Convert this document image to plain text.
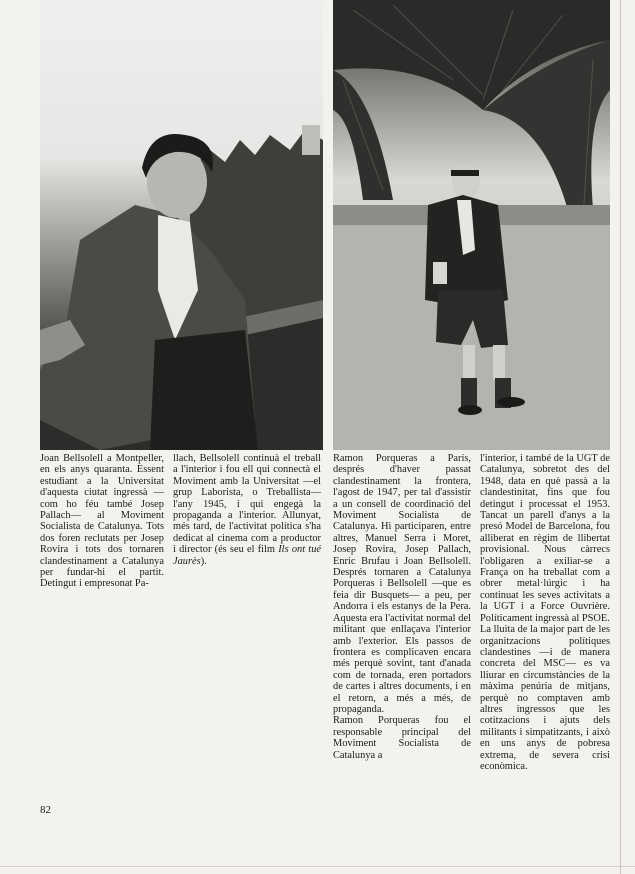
Joan Bellsolell a Montpeller, en els anys quaranta. Essent estudiant a la Universitat d'aquesta ciutat ingressà —com ho féu també Josep Pallach— al Moviment Socialista de Catalunya. Tots dos foren reclutats per Josep Rovira i tots dos tornaren clandestinament a Catalunya per fundar-hi el partit. Detingut i empresonat Pa-

llach, Bellsolell continuà el treball a l'interior i fou ell qui connectà el Moviment amb la Universitat —el grup Laborista, o Treballista— l'any 1945, i qui engegà la propaganda a l'interior. Allunyat, més tard, de l'activitat política s'ha dedicat al cinema com a productor i director (és seu el film Ils ont tué Jaurès).

Ramon Porqueras a París, després d'haver passat clandestinament la frontera, l'agost de 1947, per tal d'assistir a un consell de coordinació del Moviment Socialista de Catalunya. Hi participaren, entre altres, Manuel Serra i Moret, Josep Rovira, Josep Pallach, Enric Brufau i Joan Bellsolell. Després tornaren a Catalunya Porqueras i Bellsolell —que es feia dir Busquets— a peu, per Andorra i els estanys de la Pera. Aquesta era l'activitat normal del militant que enllaçava l'interior amb l'exterior. Els passos de frontera es complicaven encara més perquè sovint, tant d'anada com de tornada, eren portadors de cartes i altres documents, i en el retorn, a més a més, de propaganda.

Ramon Porqueras fou el responsable principal del Moviment Socialista de Catalunya a

l'interior, i també de la UGT de Catalunya, sobretot des del 1948, data en què passà a la clandestinitat, fins que fou detingut i processat el 1953. Tancat un parell d'anys a la presó Model de Barcelona, fou alliberat en règim de llibertat provisional. Nous càrrecs l'obligaren a exiliar-se a França on ha treballat com a obrer metal·lúrgic i ha continuat les seves activitats a la UGT i a Force Ouvrière. Políticament ingressà al PSOE.

La lluita de la major part de les organitzacions polítiques clandestines —i de manera concreta del MSC— es va lliurar en circumstàncies de la màxima penúria de mitjans, perquè no comptaven amb altres ingressos que les cotitzacions i ajuts dels militants i simpatitzants, i això en uns anys de pobresa extrema, de severa crisi econòmica.

82
